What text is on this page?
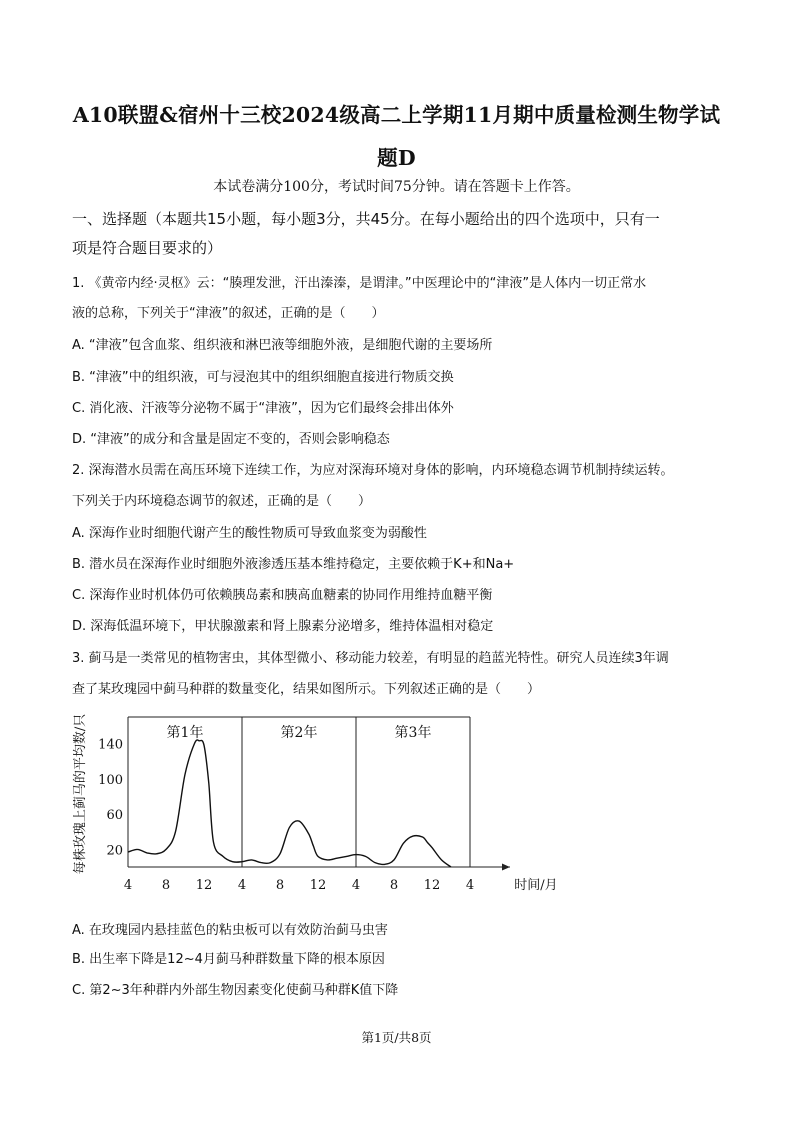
A10联盟&宿州十三校2024级高二上学期11月期中质量检测生物学试
题D
本试卷满分100分，考试时间75分钟。请在答题卡上作答。
一、选择题（本题共15小题，每小题3分，共45分。在每小题给出的四个选项中，只有一
项是符合题目要求的）
1. 《黄帝内经·灵枢》云：“腠理发泄，汗出溱溱，是谓津。”中医理论中的“津液”是人体内一切正常水
液的总称，下列关于“津液”的叙述，正确的是（　　）
A. “津液”包含血浆、组织液和淋巴液等细胞外液，是细胞代谢的主要场所
B. “津液”中的组织液，可与浸泡其中的组织细胞直接进行物质交换
C. 消化液、汗液等分泌物不属于“津液”，因为它们最终会排出体外
D. “津液”的成分和含量是固定不变的，否则会影响稳态
2. 深海潜水员需在高压环境下连续工作，为应对深海环境对身体的影响，内环境稳态调节机制持续运转。
下列关于内环境稳态调节的叙述，正确的是（　　）
A. 深海作业时细胞代谢产生的酸性物质可导致血浆变为弱酸性
B. 潜水员在深海作业时细胞外液渗透压基本维持稳定，主要依赖于K+和Na+
C. 深海作业时机体仍可依赖胰岛素和胰高血糖素的协同作用维持血糖平衡
D. 深海低温环境下，甲状腺激素和肾上腺素分泌增多，维持体温相对稳定
3. 蓟马是一类常见的植物害虫，其体型微小、移动能力较差，有明显的趋蓝光特性。研究人员连续3年调
查了某玫瑰园中蓟马种群的数量变化，结果如图所示。下列叙述正确的是（　　）
第1年	第2年	第3年
20
60
100
140
4 8 12 4 8 12 4 8 12 4	时间/月
每株玫瑰上蓟马的平均数/只
A. 在玫瑰园内悬挂蓝色的粘虫板可以有效防治蓟马虫害
B. 出生率下降是12~4月蓟马种群数量下降的根本原因
C. 第2~3年种群内外部生物因素变化使蓟马种群K值下降
第1页/共8页
